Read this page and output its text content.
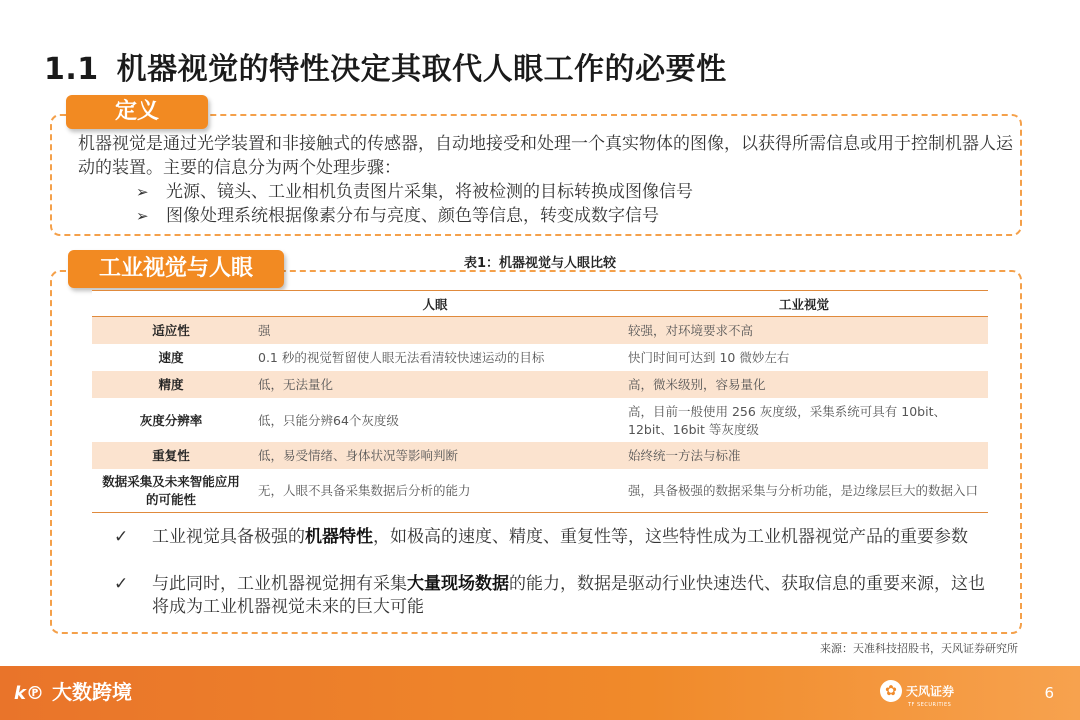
1.1 机器视觉的特性决定其取代人眼工作的必要性
定义
机器视觉是通过光学装置和非接触式的传感器，自动地接受和处理一个真实物体的图像，以获得所需信息或用于控制机器人运动的装置。主要的信息分为两个处理步骤：
➢ 光源、镜头、工业相机负责图片采集，将被检测的目标转换成图像信号
➢ 图像处理系统根据像素分布与亮度、颜色等信息，转变成数字信号
工业视觉与人眼	表1：机器视觉与人眼比较
	人眼	工业视觉
适应性	强	较强，对环境要求不高
速度	0.1 秒的视觉暂留使人眼无法看清较快速运动的目标	快门时间可达到 10 微妙左右
精度	低，无法量化	高，微米级别，容易量化
灰度分辨率	低，只能分辨64个灰度级	高，目前一般使用 256 灰度级，采集系统可具有 10bit、12bit、16bit 等灰度级
重复性	低，易受情绪、身体状况等影响判断	始终统一方法与标准
数据采集及未来智能应用的可能性	无，人眼不具备采集数据后分析的能力	强，具备极强的数据采集与分析功能，是边缘层巨大的数据入口
✓	工业视觉具备极强的机器特性，如极高的速度、精度、重复性等，这些特性成为工业机器视觉产品的重要参数
✓	与此同时，工业机器视觉拥有采集大量现场数据的能力，数据是驱动行业快速迭代、获取信息的重要来源，这也将成为工业机器视觉未来的巨大可能
来源：天准科技招股书，天风证券研究所
k℗ 大数跨境	✿ 天风证券
TF SECURITIES
6
